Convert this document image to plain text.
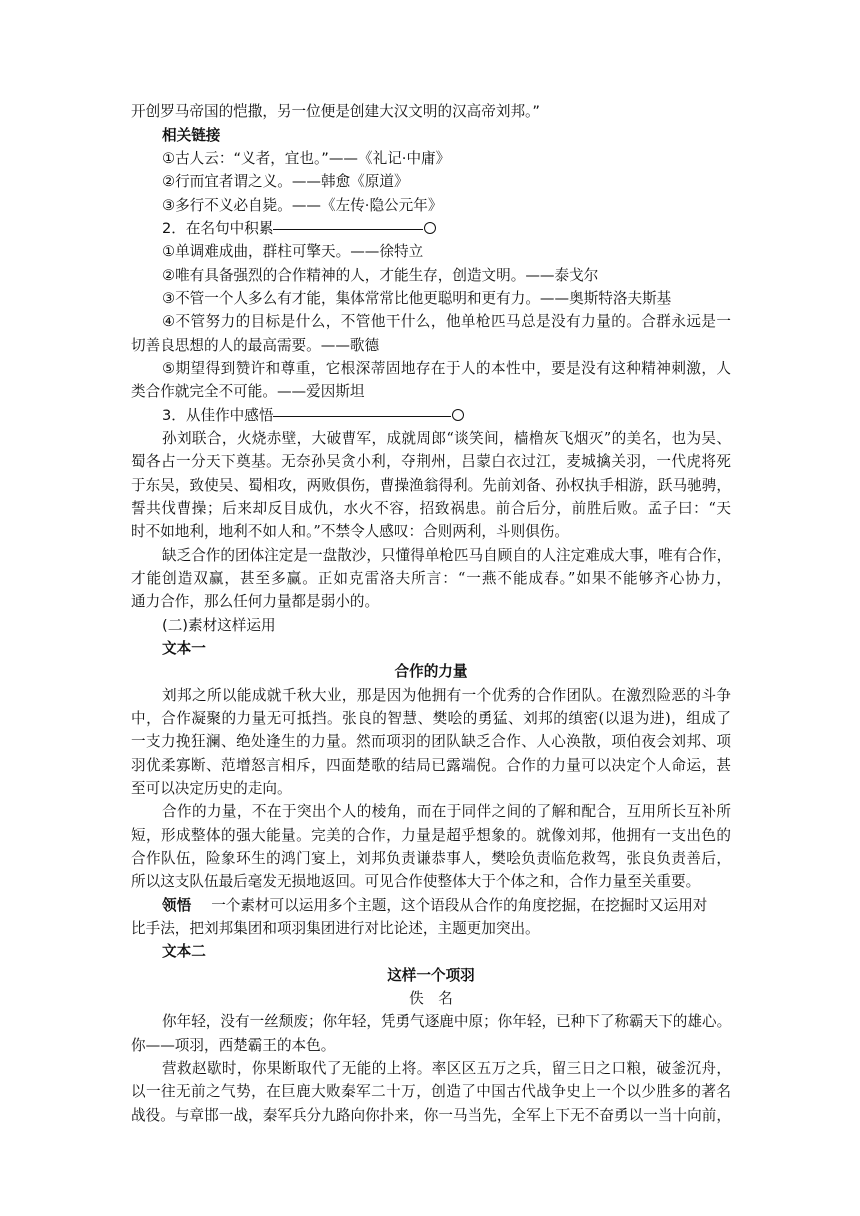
开创罗马帝国的恺撒，另一位便是创建大汉文明的汉高帝刘邦。”
相关链接
①古人云：“义者，宜也。”——《礼记·中庸》
②行而宜者谓之义。——韩愈《原道》
③多行不义必自毙。——《左传·隐公元年》
2．在名句中积累
①单调难成曲，群柱可擎天。——徐特立
②唯有具备强烈的合作精神的人，才能生存，创造文明。——泰戈尔
③不管一个人多么有才能，集体常常比他更聪明和更有力。——奥斯特洛夫斯基
④不管努力的目标是什么，不管他干什么，他单枪匹马总是没有力量的。合群永远是一
切善良思想的人的最高需要。——歌德
⑤期望得到赞许和尊重，它根深蒂固地存在于人的本性中，要是没有这种精神刺激，人
类合作就完全不可能。——爱因斯坦
3．从佳作中感悟
孙刘联合，火烧赤壁，大破曹军，成就周郎“谈笑间，樯橹灰飞烟灭”的美名，也为吴、
蜀各占一分天下奠基。无奈孙吴贪小利，夺荆州，吕蒙白衣过江，麦城擒关羽，一代虎将死
于东吴，致使吴、蜀相攻，两败俱伤，曹操渔翁得利。先前刘备、孙权执手相游，跃马驰骋，
誓共伐曹操；后来却反目成仇，水火不容，招致祸患。前合后分，前胜后败。孟子曰：“天
时不如地利，地利不如人和。”不禁令人感叹：合则两利，斗则俱伤。
缺乏合作的团体注定是一盘散沙，只懂得单枪匹马自顾自的人注定难成大事，唯有合作，
才能创造双赢，甚至多赢。正如克雷洛夫所言：“一燕不能成春。”如果不能够齐心协力，
通力合作，那么任何力量都是弱小的。
(二)素材这样运用
文本一
合作的力量
刘邦之所以能成就千秋大业，那是因为他拥有一个优秀的合作团队。在激烈险恶的斗争
中，合作凝聚的力量无可抵挡。张良的智慧、樊哙的勇猛、刘邦的缜密(以退为进)，组成了
一支力挽狂澜、绝处逢生的力量。然而项羽的团队缺乏合作、人心涣散，项伯夜会刘邦、项
羽优柔寡断、范增怒言相斥，四面楚歌的结局已露端倪。合作的力量可以决定个人命运，甚
至可以决定历史的走向。
合作的力量，不在于突出个人的棱角，而在于同伴之间的了解和配合，互用所长互补所
短，形成整体的强大能量。完美的合作，力量是超乎想象的。就像刘邦，他拥有一支出色的
合作队伍，险象环生的鸿门宴上，刘邦负责谦恭事人，樊哙负责临危救驾，张良负责善后，
所以这支队伍最后毫发无损地返回。可见合作使整体大于个体之和，合作力量至关重要。
领悟 一个素材可以运用多个主题，这个语段从合作的角度挖掘，在挖掘时又运用对
比手法，把刘邦集团和项羽集团进行对比论述，主题更加突出。
文本二
这样一个项羽
佚　名
你年轻，没有一丝颓废；你年轻，凭勇气逐鹿中原；你年轻，已种下了称霸天下的雄心。
你——项羽，西楚霸王的本色。
营救赵歇时，你果断取代了无能的上将。率区区五万之兵，留三日之口粮，破釜沉舟，
以一往无前之气势，在巨鹿大败秦军二十万，创造了中国古代战争史上一个以少胜多的著名
战役。与章邯一战，秦军兵分九路向你扑来，你一马当先，全军上下无不奋勇以一当十向前，
